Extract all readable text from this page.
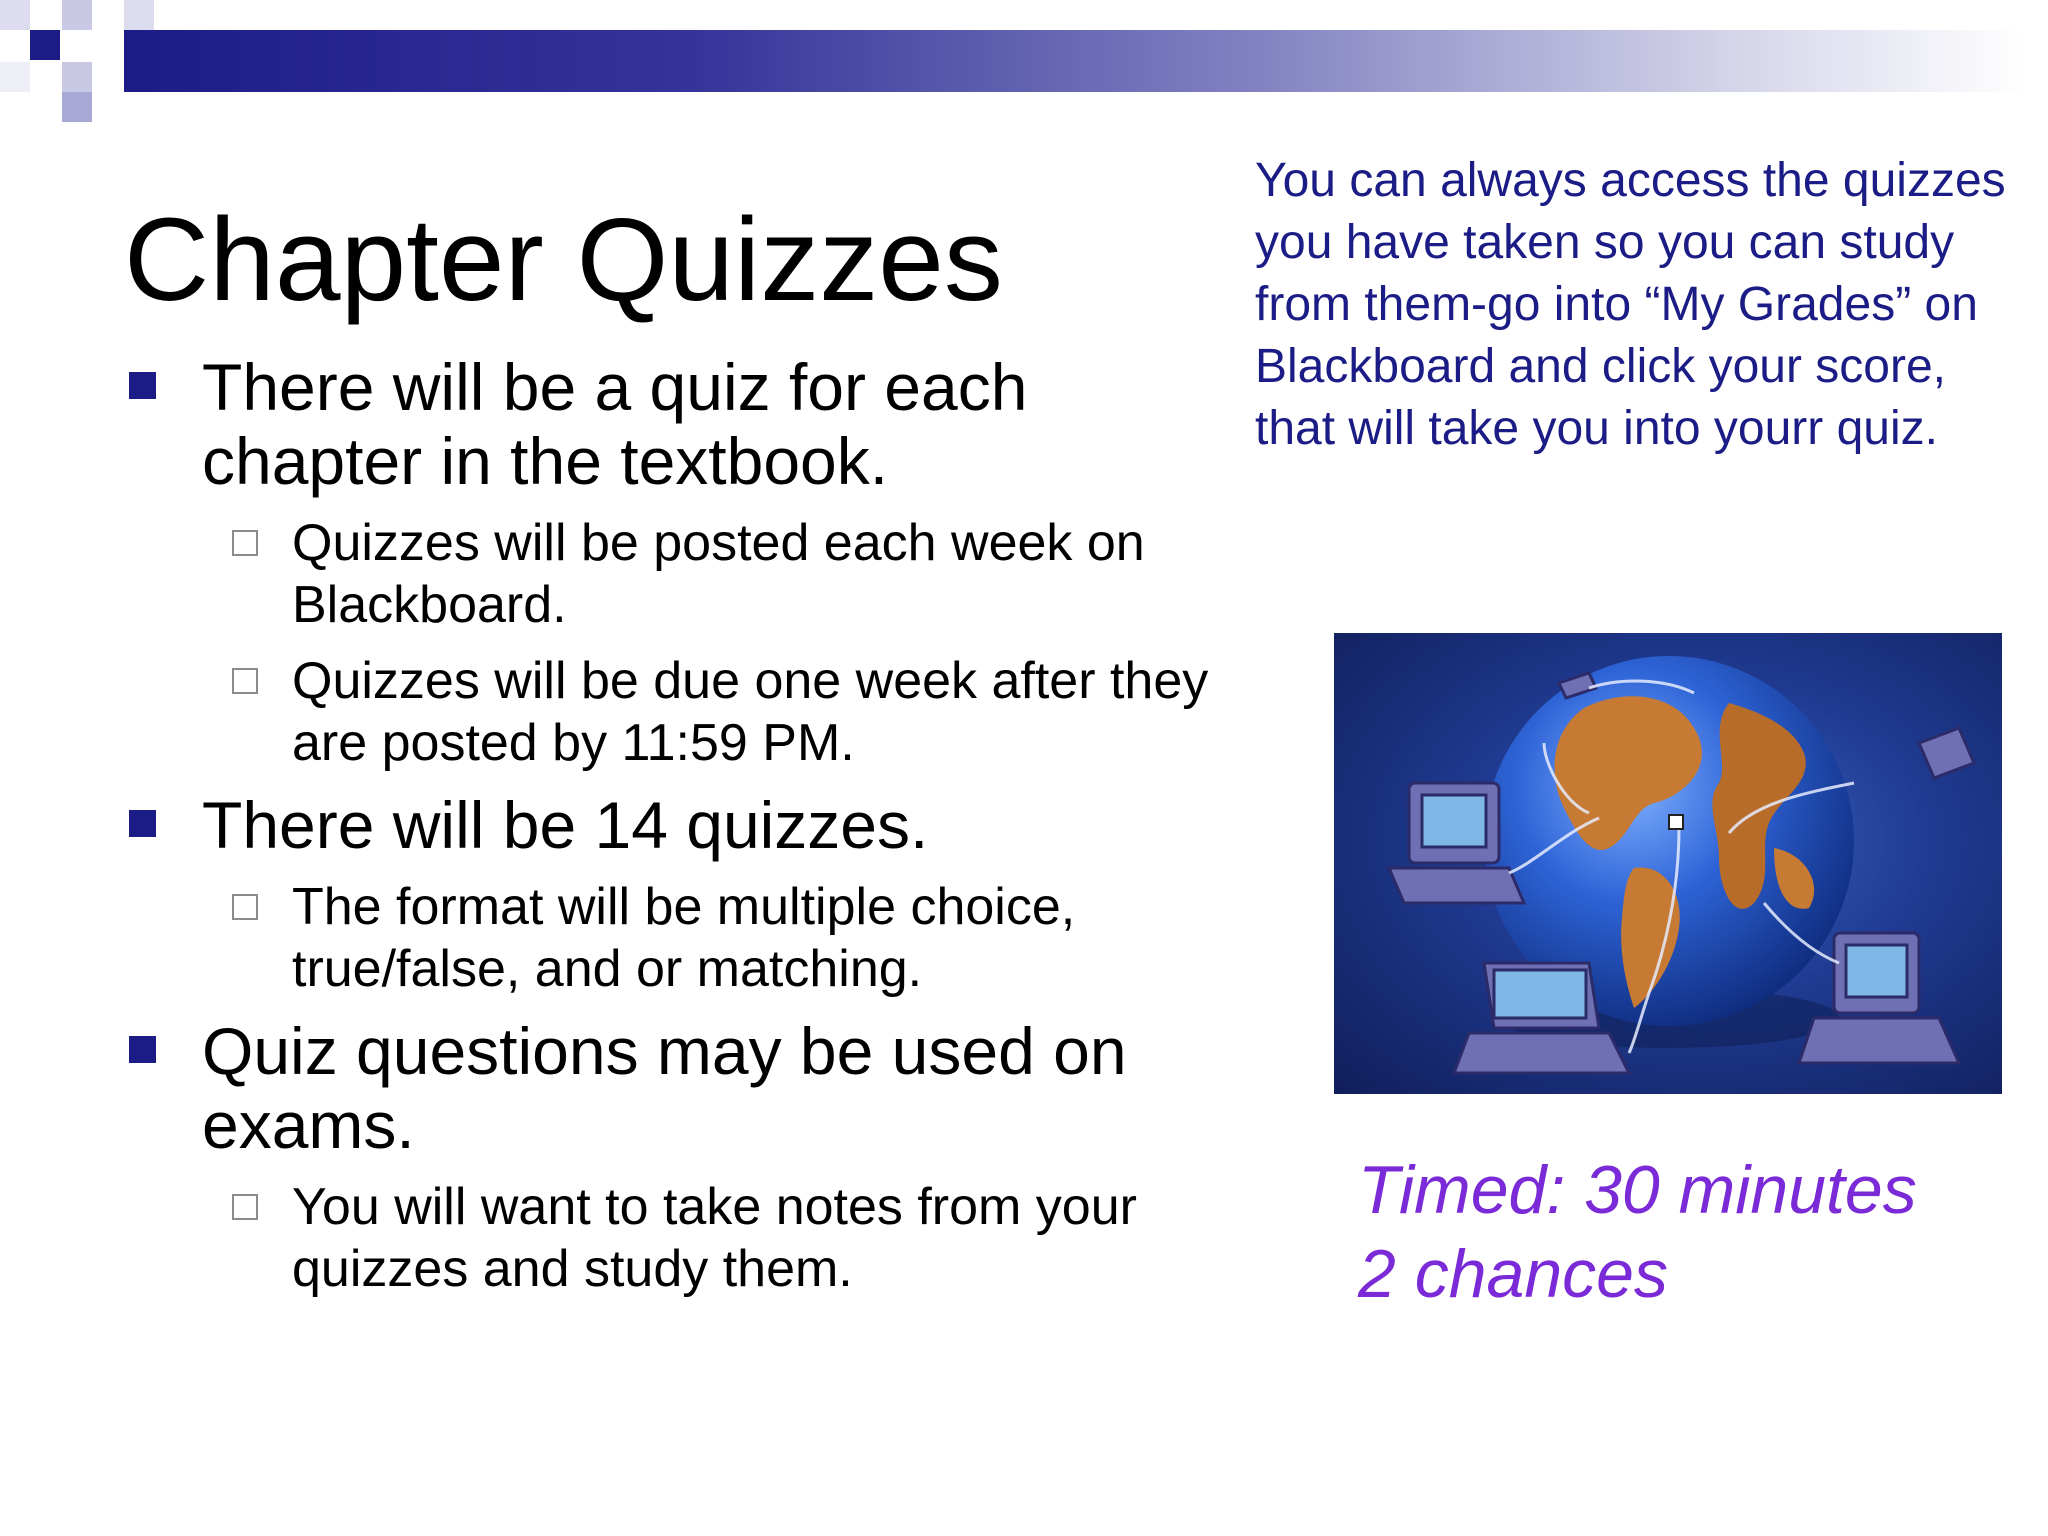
Chapter Quizzes
There will be a quiz for each chapter in the textbook.
Quizzes will be posted each week on Blackboard.
Quizzes will be due one week after they are posted by 11:59 PM.
There will be 14 quizzes.
The format will be multiple choice, true/false, and or matching.
Quiz questions may be used on exams.
You will want to take notes from your quizzes and study them.
You can always access the quizzes you have taken so you can study from them-go into “My Grades” on Blackboard and click your score, that will take you into yourr quiz.
Timed: 30 minutes
2 chances
